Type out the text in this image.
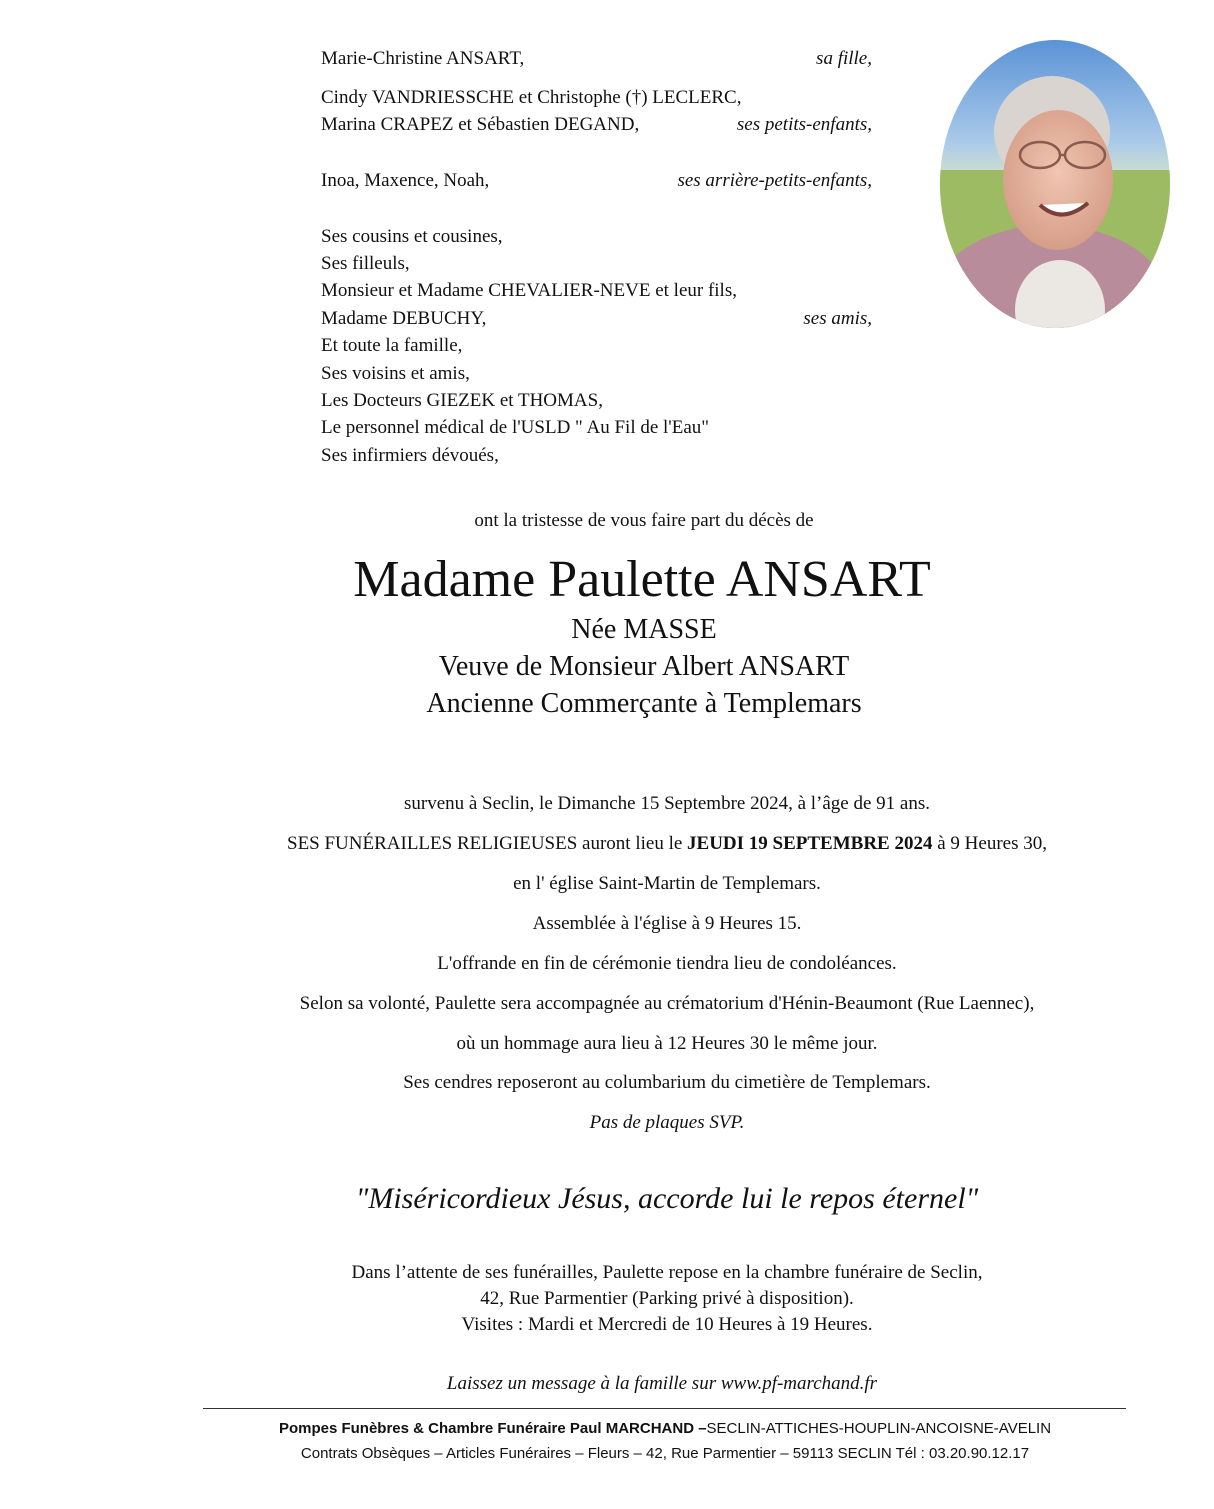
Marie-Christine ANSART,	sa fille,
Cindy VANDRIESSCHE et Christophe (†) LECLERC,
Marina CRAPEZ et Sébastien DEGAND,	ses petits-enfants,
Inoa, Maxence, Noah,	ses arrière-petits-enfants,
Ses cousins et cousines,
Ses filleuls,
Monsieur et Madame CHEVALIER-NEVE et leur fils,
Madame DEBUCHY,	ses amis,
Et toute la famille,
Ses voisins et amis,
Les Docteurs GIEZEK et THOMAS,
Le personnel médical de l'USLD " Au Fil de l'Eau"
Ses infirmiers dévoués,
ont la tristesse de vous faire part du décès de
Madame Paulette ANSART
Née MASSE
Veuve de Monsieur Albert ANSART
Ancienne Commerçante à Templemars
survenu à Seclin, le Dimanche 15 Septembre 2024, à l’âge de 91 ans.
SES FUNÉRAILLES RELIGIEUSES auront lieu le JEUDI 19 SEPTEMBRE 2024 à 9 Heures 30,
en l' église Saint-Martin de Templemars.
Assemblée à l'église à 9 Heures 15.
L'offrande en fin de cérémonie tiendra lieu de condoléances.
Selon sa volonté, Paulette sera accompagnée au crématorium d'Hénin-Beaumont (Rue Laennec),
où un hommage aura lieu à 12 Heures 30 le même jour.
Ses cendres reposeront au columbarium du cimetière de Templemars.
Pas de plaques SVP.
"Miséricordieux Jésus, accorde lui le repos éternel"
Dans l’attente de ses funérailles, Paulette repose en la chambre funéraire de Seclin,
42, Rue Parmentier (Parking privé à disposition).
Visites : Mardi et Mercredi de 10 Heures à 19 Heures.
Laissez un message à la famille sur www.pf-marchand.fr
Pompes Funèbres & Chambre Funéraire Paul MARCHAND –SECLIN-ATTICHES-HOUPLIN-ANCOISNE-AVELIN
Contrats Obsèques – Articles Funéraires – Fleurs – 42, Rue Parmentier – 59113 SECLIN Tél : 03.20.90.12.17
